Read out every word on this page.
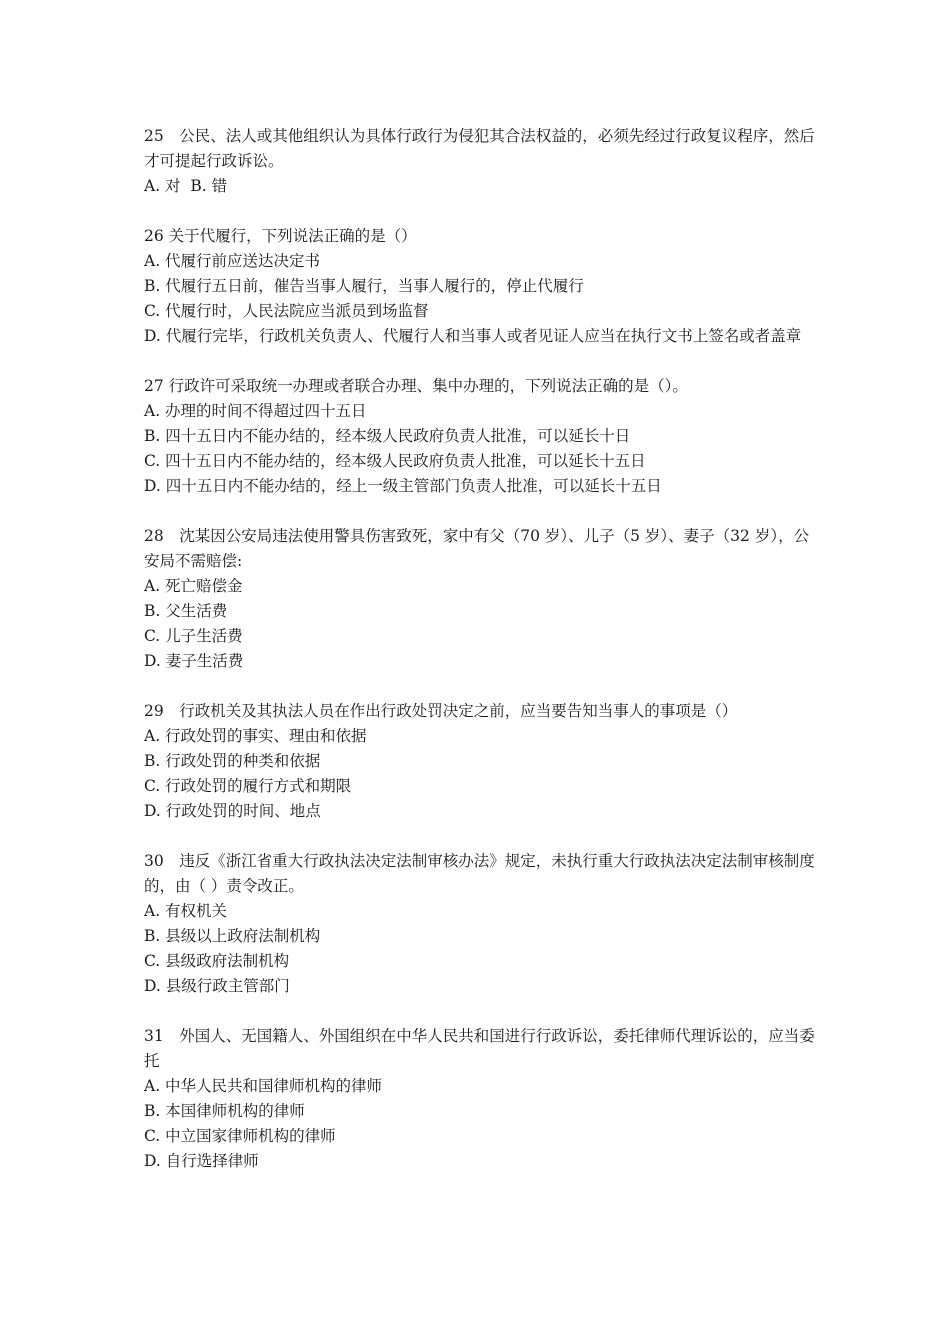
25　公民、法人或其他组织认为具体行政行为侵犯其合法权益的，必须先经过行政复议程序，然后才可提起行政诉讼。

A. 对  B. 错

26 关于代履行，下列说法正确的是（）

A. 代履行前应送达决定书

B. 代履行五日前，催告当事人履行，当事人履行的，停止代履行

C. 代履行时，人民法院应当派员到场监督

D. 代履行完毕，行政机关负责人、代履行人和当事人或者见证人应当在执行文书上签名或者盖章

27 行政许可采取统一办理或者联合办理、集中办理的，下列说法正确的是（）。

A. 办理的时间不得超过四十五日

B. 四十五日内不能办结的，经本级人民政府负责人批准，可以延长十日

C. 四十五日内不能办结的，经本级人民政府负责人批准，可以延长十五日

D. 四十五日内不能办结的，经上一级主管部门负责人批准，可以延长十五日

28　沈某因公安局违法使用警具伤害致死，家中有父（70 岁）、儿子（5 岁）、妻子（32 岁），公安局不需赔偿:

A. 死亡赔偿金

B. 父生活费

C. 儿子生活费

D. 妻子生活费

29　行政机关及其执法人员在作出行政处罚决定之前，应当要告知当事人的事项是（）

A. 行政处罚的事实、理由和依据

B. 行政处罚的种类和依据

C. 行政处罚的履行方式和期限

D. 行政处罚的时间、地点

30　违反《浙江省重大行政执法决定法制审核办法》规定，未执行重大行政执法决定法制审核制度的，由（ ）责令改正。

A. 有权机关

B. 县级以上政府法制机构

C. 县级政府法制机构

D. 县级行政主管部门

31　外国人、无国籍人、外国组织在中华人民共和国进行行政诉讼，委托律师代理诉讼的，应当委托

A. 中华人民共和国律师机构的律师

B. 本国律师机构的律师

C. 中立国家律师机构的律师

D. 自行选择律师
